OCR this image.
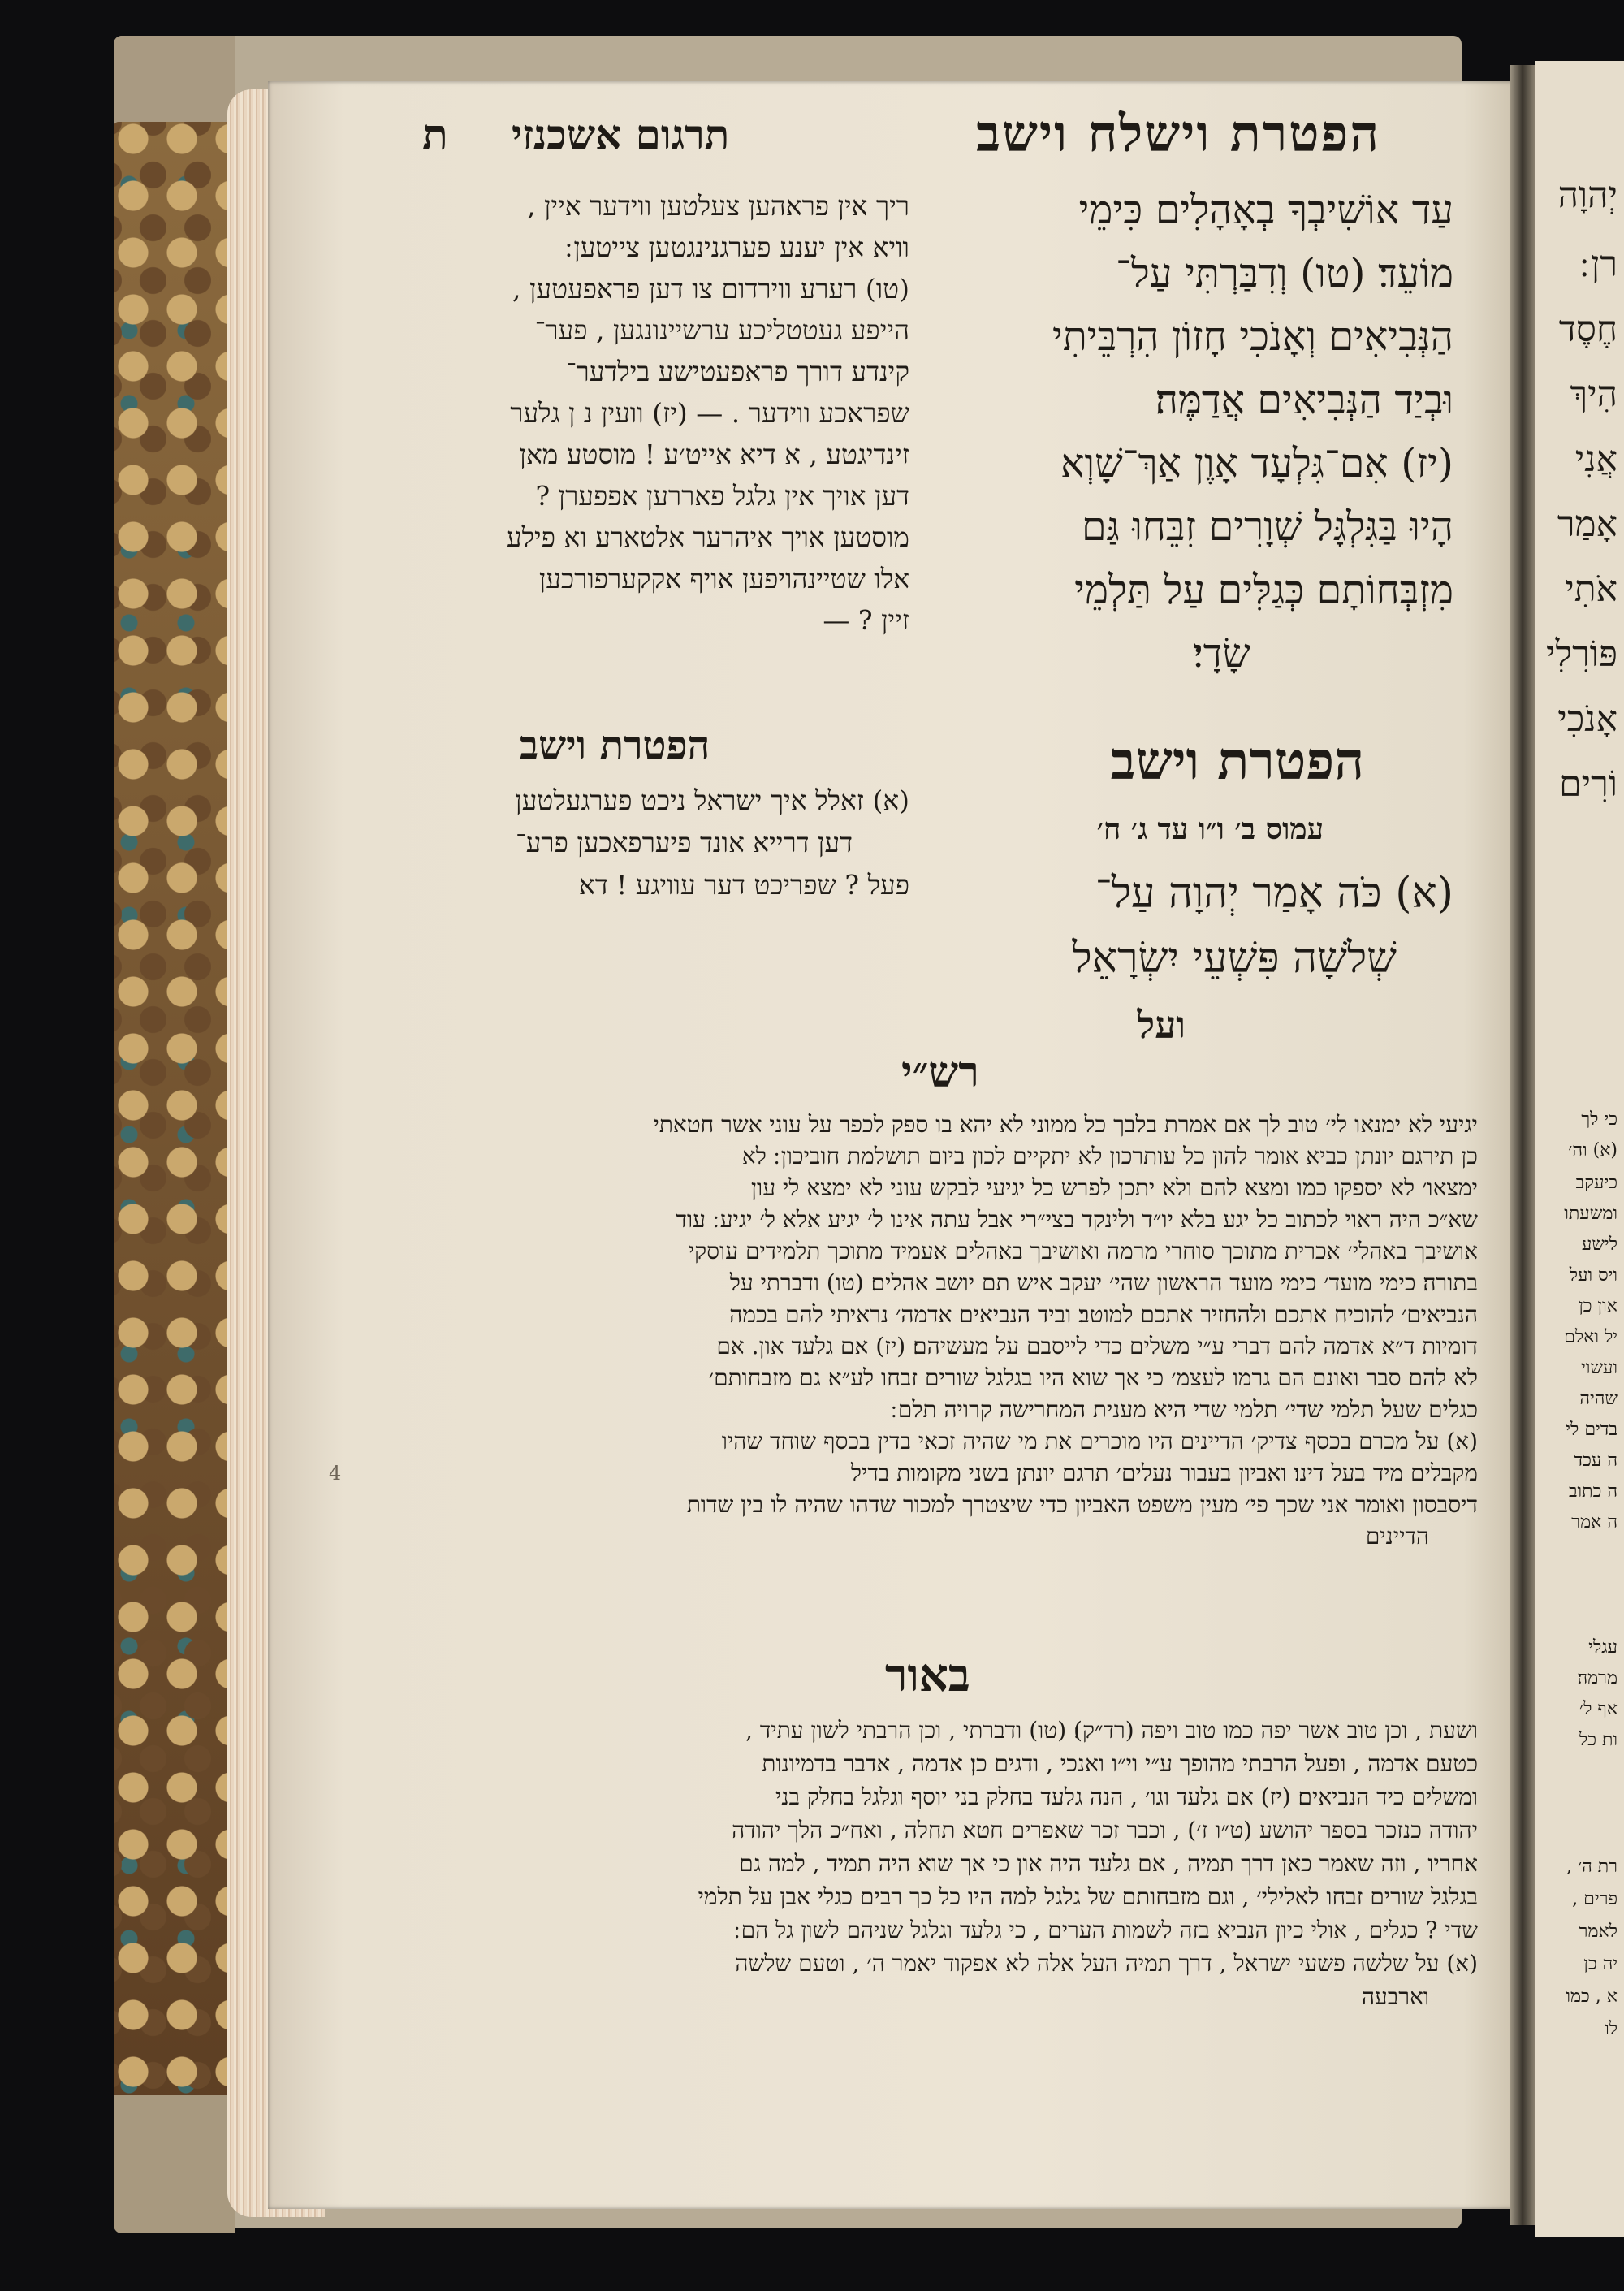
הפטרת וישלח וישב
תרגום אשכנזי
ת
עַד אוֹשִׁיבְךָ בְאָהָלִים כִּימֵי
מוֹעֵד׃ (טו) וְדִבַּרְתִּי עַל־
הַנְּבִיאִים וְאָנֹכִי חָזוֹן הִרְבֵּיתִי
וּבְיַד הַנְּבִיאִים אֲדַמֶּה׃
(יז) אִם־גִּלְעָד אָוֶן אַךְ־שָׁוְא
הָיוּ בַּגִּלְגָּל שְׁוָרִים זִבֵּחוּ גַּם
מִזְבְּחוֹתָם כְּגַלִּים עַל תַּלְמֵי
שָׂדָי׃
הפטרת וישב
עמוס ב׳ ו״ו עד ג׳ ח׳
(א) כֹּה אָמַר יְהוָה עַל־
שְׁלֹשָׁה פִּשְׁעֵי יִשְׂרָאֵל
ועל
ריך אין פראהען צעלטען ווידער איין ,
וויא אין יענע פערגנינגטען צייטען ׃
(טו) רערע ווירדום צו דען פראפעטען ,
הייפע געטטליכע ערשיינונגען , פער־
קינדע דורך פראפעטישע בילדער־
שפראכע ווידער . — (יז) וועין נ ן גלער
זינדיגטע , א דיא אייט׳ע ! מוסטע מאן
דען אויך אין גלגל פאררען אפפערן ?
מוסטען אויך איהרער אלטארע וא פילע
אלו שטיינהויפען אויף אקקערפורכען
זיין ? —
הפטרת וישב
(א) זאלל איך ישראל ניכט פערגעלטען
דען דרייא אונד פיערפאכען פרע־
פעל ? שפריכט דער עוויגע ! דא
רש״י
יגיעי לא ימנאו לי׳ טוב לך אם אמרת בלבך כל ממוני לא יהא בו ספק לכפר על עוני אשר חטאתי
כן תירגם יונתן כביא אומר להון כל עותרכון לא יתקיים לכון ביום תושלמת חוביכון ׃ לא
ימצאו׳ לא יספקו כמו ומצא להם ולא יתכן לפרש כל יגיעי לבקש עוני לא ימצא לי עון
שא״כ היה ראוי לכתוב כל יגע בלא יו״ד ולינקד בצי״רי אבל עתה אינו ל׳ יגיע אלא ל׳ יגיע ׃ עוד
אושיבך באהלי׳ אכרית מתוכך סוחרי מרמה ואושיבך באהלים אעמיד מתוכך תלמידים עוסקי
בתורה׃ כימי מועד׳ כימי מועד הראשון שהי׳ יעקב איש תם יושב אהלים׃ (טו) ודברתי על
הנביאים׳ להוכיח אתכם ולהחזיר אתכם למוטב׃ וביד הנביאים אדמה׳ נראיתי להם בכמה
דומיות ד״א אדמה להם דברי ע״י משלים כדי לייסבם על מעשיהם׃ (יז) אם גלעד און. אם
לא להם סבר ואונם הם גרמו לעצמ׳ כי אך שוא היו בגלגל שורים זבחו לע״א׃ גם מזבחותם׳
כגלים שעל תלמי שדי׳ תלמי שדי היא מענית המחרישה קרויה תלם ׃
(א) על מכרם בכסף צדיק׳ הדיינים היו מוכרים את מי שהיה זכאי בדין בכסף שוחד שהיו
מקבלים מיד בעל דינו׃ ואביון בעבור נעלים׳ תרגם יונתן בשני מקומות בדיל
דיסבסון ואומר אני שכך פי׳ מעין משפט האביון כדי שיצטרך למכור שדהו שהיה לו בין שדות
הדיינים
באור
ושעת , וכן טוב אשר יפה כמו טוב ויפה (רד״ק)׃ (טו) ודברתי , וכן הרבתי לשון עתיד ,
כטעם אדמה , ופעל הרבתי מהופך ע״י וי״ו ואנכי , ודגים כן׃ אדמה , אדבר בדמיונות
ומשלים כיד הנביאים׃ (יז) אם גלעד וגו׳ , הנה גלעד בחלק בני יוסף וגלגל בחלק בני
יהודה כנזכר בספר יהושע (ט״ו ז׳) , וכבר זכר שאפרים חטא תחלה , ואח״כ הלך יהודה
אחריו , וזה שאמר כאן דרך תמיה , אם גלעד היה און כי אך שוא היה תמיד , למה גם
בגלגל שורים זבחו לאלילי׳ , וגם מזבחותם של גלגל למה היו כל כך רבים כגלי אבן על תלמי
שדי ? כגלים , אולי כיון הנביא בזה לשמות הערים , כי גלעד וגלגל שניהם לשון גל הם ׃
(א) על שלשה פשעי ישראל , דרך תמיה העל אלה לא אפקוד יאמר ה׳ , וטעם שלשה
וארבעה
4
יְהוָה
רן ׃
חֶסֶד
הִיךְ
אֲנִי
אָמַר
אֹתִי
פּוֹרִלִי
אָנֹכִי
וֹרִים
כי לך
(א) וה׳
כיעקב
ומשעתו
לישע
ויס ועל
און כן
יל ואלם
ועשוי
שהיה
בדים לי
ה עכד
ה כתוב
ה אמר
עגלי
מרמה׃
אף ל׳
ות׃ כל
רת ה׳ ,
פרים ,
לאמר
יה כן
א , כמו
לו
